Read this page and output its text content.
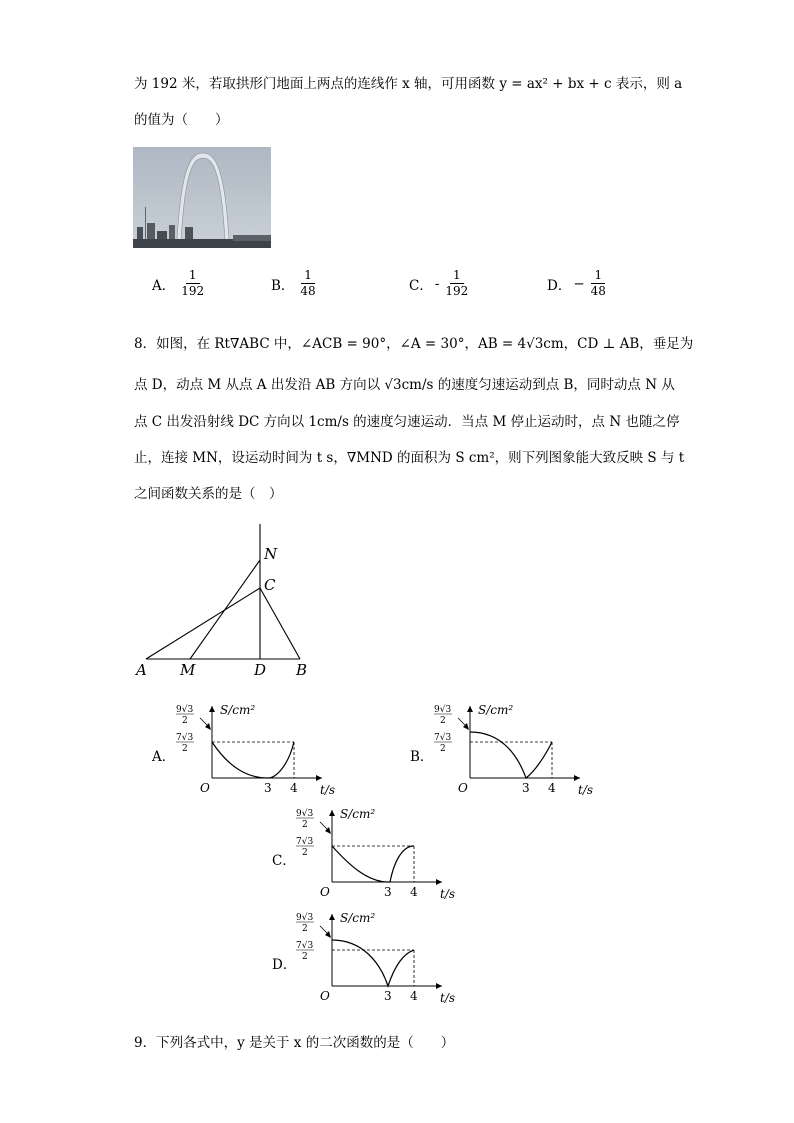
为 192 米，若取拱形门地面上两点的连线作 x 轴，可用函数 y = ax² + bx + c 表示，则 a
的值为（　　）
A． $\frac{1}{192}$	B． $\frac{1}{48}$	C． - $\frac{1}{192}$	D． − $\frac{1}{48}$
8．如图，在 Rt∇ABC 中，∠ACB = 90°，∠A = 30°，AB = 4√3cm，CD ⊥ AB，垂足为
点 D，动点 M 从点 A 出发沿 AB 方向以 √3cm/s 的速度匀速运动到点 B，同时动点 N 从
点 C 出发沿射线 DC 方向以 1cm/s 的速度匀速运动．当点 M 停止运动时，点 N 也随之停
止，连接 MN，设运动时间为 t s，∇MND 的面积为 S cm²，则下列图象能大致反映 S 与 t
之间函数关系的是（　）
A M	D B
C
N
A．	B．
C．
D．
9√3
2
7√3
2
S/cm²
O	3 4 t/s
9√3
2
7√3
2
S/cm²
O	3 4 t/s
9√3
2
7√3
2
S/cm²
O	3 4 t/s
9√3
2
7√3
2
S/cm²
O	3 4 t/s
9．下列各式中，y 是关于 x 的二次函数的是（　　）
